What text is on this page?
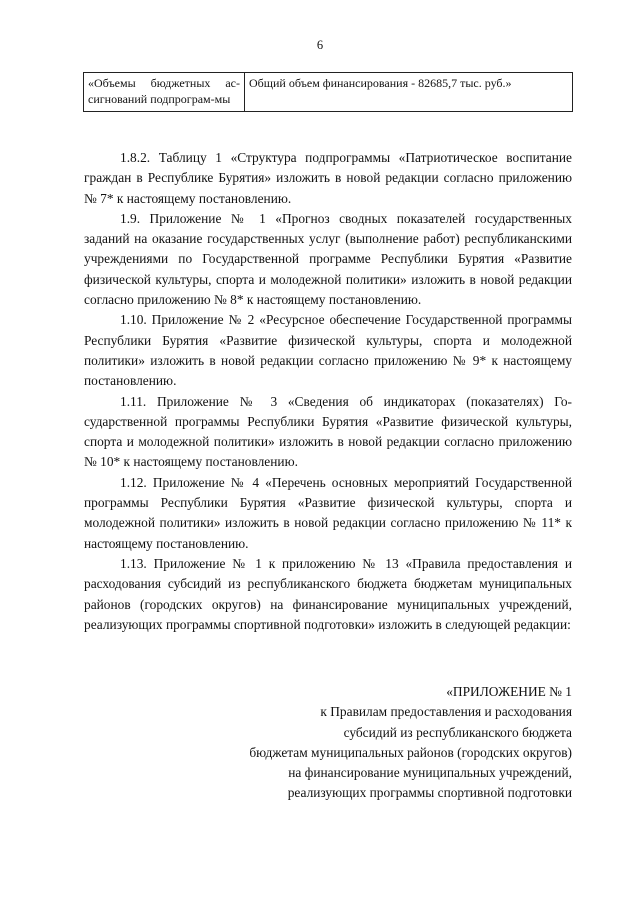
6
«Объемы бюджетных ас-сигнований подпрограм-мы	Общий объем финансирования - 82685,7 тыс. руб.»

1.8.2. Таблицу 1 «Структура подпрограммы «Патриотическое воспитание граждан в Республике Бурятия» изложить в новой редакции согласно приложению № 7* к настоящему постановлению.

1.9. Приложение № 1 «Прогноз сводных показателей государственных заданий на оказание государственных услуг (выполнение работ) республиканскими учреждениями по Государственной программе Республики Бурятия «Развитие физической культуры, спорта и молодежной политики» изложить в новой редакции согласно приложению № 8* к настоящему постановлению.

1.10. Приложение № 2 «Ресурсное обеспечение Государственной программы Республики Бурятия «Развитие физической культуры, спорта и молодежной политики» изложить в новой редакции согласно приложению № 9* к настоящему постановлению.

1.11. Приложение № 3 «Сведения об индикаторах (показателях) Государственной программы Республики Бурятия «Развитие физической культуры, спорта и молодежной политики» изложить в новой редакции согласно приложению № 10* к настоящему постановлению.

1.12. Приложение № 4 «Перечень основных мероприятий Государственной программы Республики Бурятия «Развитие физической культуры, спорта и молодежной политики» изложить в новой редакции согласно приложению № 11* к настоящему постановлению.

1.13. Приложение № 1 к приложению № 13 «Правила предоставления и расходования субсидий из республиканского бюджета бюджетам муниципальных районов (городских округов) на финансирование муниципальных учреждений, реализующих программы спортивной подготовки» изложить в следующей редакции:

«ПРИЛОЖЕНИЕ № 1
к Правилам предоставления и расходования
субсидий из республиканского бюджета
бюджетам муниципальных районов (городских округов)
на финансирование муниципальных учреждений,
реализующих программы спортивной подготовки
